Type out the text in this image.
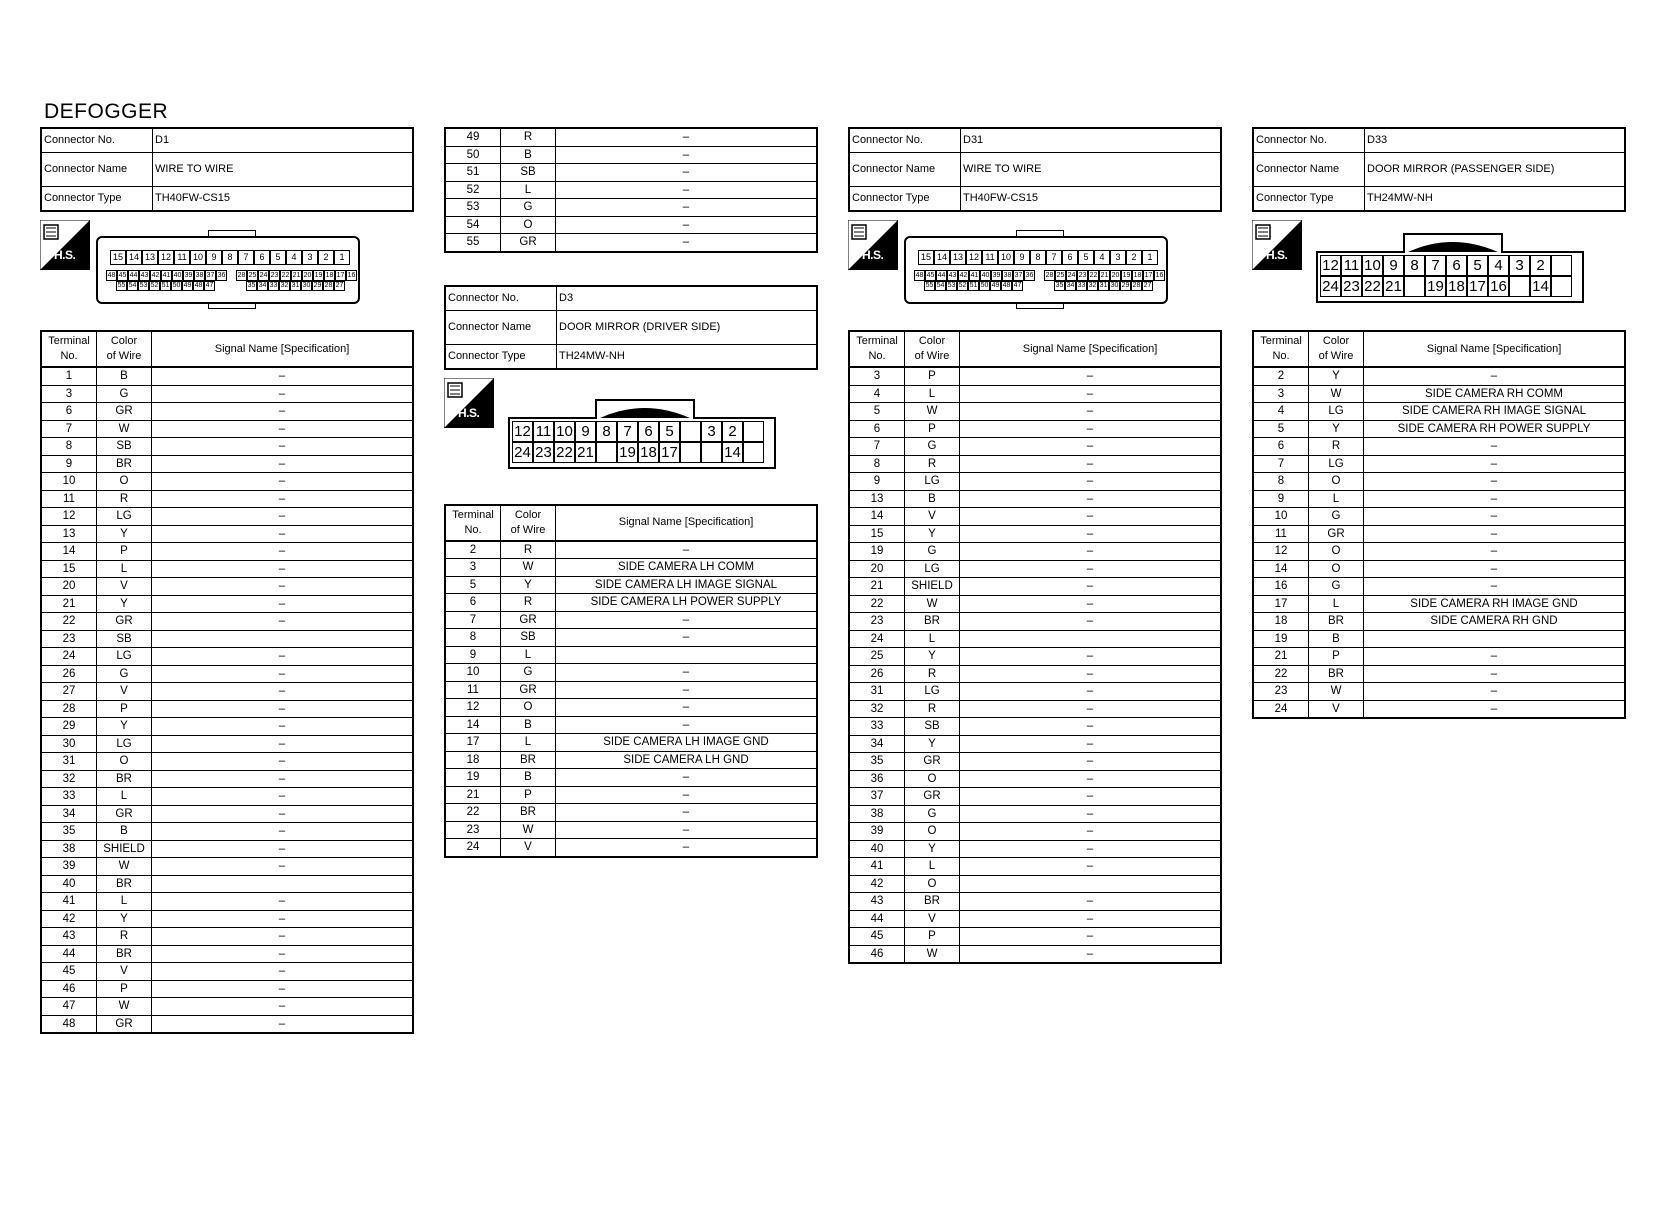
DEFOGGER
Connector No.	D1
Connector Name	WIRE TO WIRE
Connector Type	TH40FW-CS15
H.S.	15 14 13 12 11 10 9	8	7	6	5	4	3	2	1
48 45 44 43 42 41 40 39 38 37 36
55 54 53 52 51 50 49 48 47
28 25 24 23 22 21 20 19 18 17 16
35 34 33 32 31 30 29 28 27
Terminal
No.	Color
of Wire	Signal Name [Specification]
1	B	–
3	G	–
6	GR	–
7	W	–
8	SB	–
9	BR	–
10	O	–
11	R	–
12	LG	–
13	Y	–
14	P	–
15	L	–
20	V	–
21	Y	–
22	GR	–
23	SB	
24	LG	–
26	G	–
27	V	–
28	P	–
29	Y	–
30	LG	–
31	O	–
32	BR	–
33	L	–
34	GR	–
35	B	–
38	SHIELD	–
39	W	–
40	BR	
41	L	–
42	Y	–
43	R	–
44	BR	–
45	V	–
46	P	–
47	W	–
48	GR	–
49	R	–
50	B	–
51	SB	–
52	L	–
53	G	–
54	O	–
55	GR	–
Connector No.	D3
Connector Name	DOOR MIRROR (DRIVER SIDE)
Connector Type	TH24MW-NH
H.S.
12 11 10 9 8 7 6 5	3 2
24 23 22 21 19 18 17	14
Terminal
No.	Color
of Wire	Signal Name [Specification]
2	R	–
3	W	SIDE CAMERA LH COMM
5	Y	SIDE CAMERA LH IMAGE SIGNAL
6	R	SIDE CAMERA LH POWER SUPPLY
7	GR	–
8	SB	–
9	L	
10	G	–
11	GR	–
12	O	–
14	B	–
17	L	SIDE CAMERA LH IMAGE GND
18	BR	SIDE CAMERA LH GND
19	B	–
21	P	–
22	BR	–
23	W	–
24	V	–
Connector No.	D31
Connector Name	WIRE TO WIRE
Connector Type	TH40FW-CS15
H.S.	15 14 13 12 11 10 9	8	7	6	5	4	3	2	1
48 45 44 43 42 41 40 39 38 37 36
55 54 53 52 51 50 49 48 47
28 25 24 23 22 21 20 19 18 17 16
35 34 33 32 31 30 29 28 27
Terminal
No.	Color
of Wire	Signal Name [Specification]
3	P	–
4	L	–
5	W	–
6	P	–
7	G	–
8	R	–
9	LG	–
13	B	–
14	V	–
15	Y	–
19	G	–
20	LG	–
21	SHIELD	–
22	W	–
23	BR	–
24	L	
25	Y	–
26	R	–
31	LG	–
32	R	–
33	SB	–
34	Y	–
35	GR	–
36	O	–
37	GR	–
38	G	–
39	O	–
40	Y	–
41	L	–
42	O	
43	BR	–
44	V	–
45	P	–
46	W	–
Connector No.	D33
Connector Name	DOOR MIRROR (PASSENGER SIDE)
Connector Type	TH24MW-NH
H.S.
12 11 10 9 8 7 6 5 4 3 2
24 23 22 21 19 18 17 16 14
Terminal
No.	Color
of Wire	Signal Name [Specification]
2	Y	–
3	W	SIDE CAMERA RH COMM
4	LG	SIDE CAMERA RH IMAGE SIGNAL
5	Y	SIDE CAMERA RH POWER SUPPLY
6	R	–
7	LG	–
8	O	–
9	L	–
10	G	–
11	GR	–
12	O	–
14	O	–
16	G	–
17	L	SIDE CAMERA RH IMAGE GND
18	BR	SIDE CAMERA RH GND
19	B	
21	P	–
22	BR	–
23	W	–
24	V	–
